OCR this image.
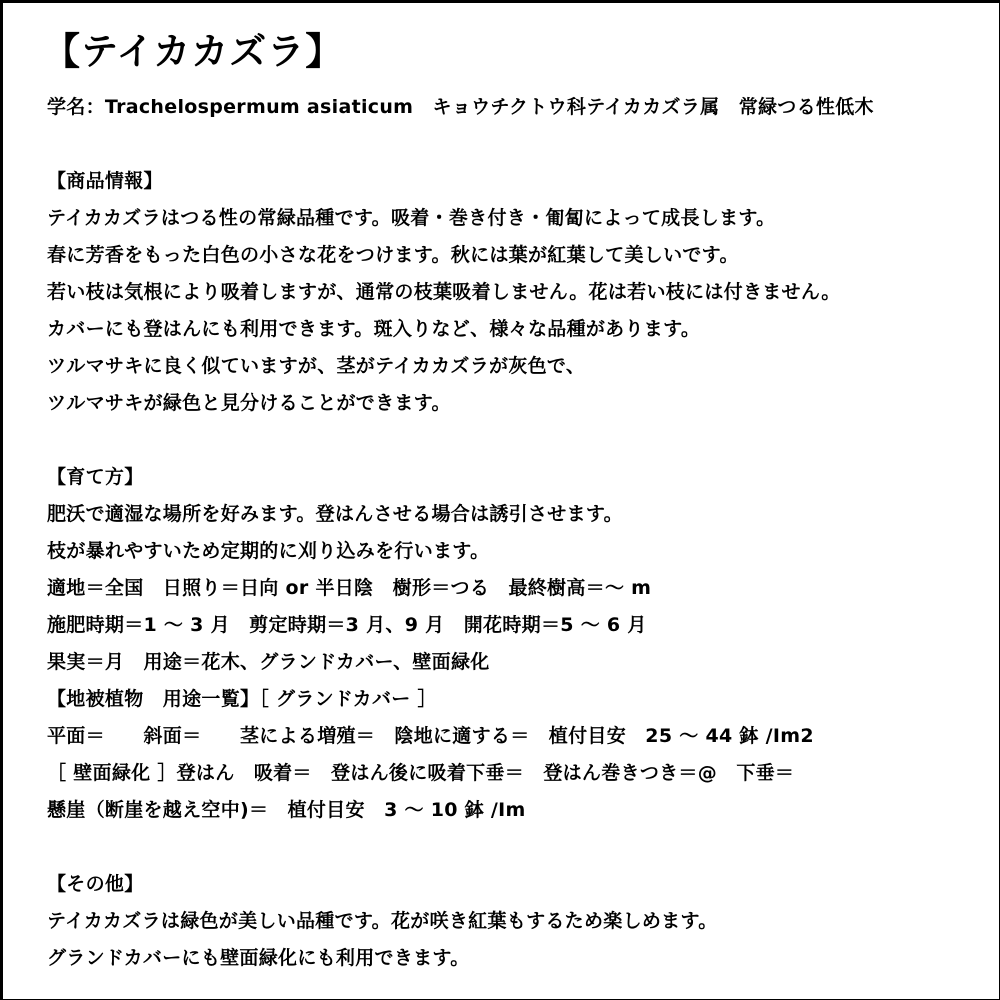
【テイカカズラ】
学名：Trachelospermum asiaticum　キョウチクトウ科テイカカズラ属　常緑つる性低木
【商品情報】
テイカカズラはつる性の常緑品種です。吸着・巻き付き・匍匐によって成長します。
春に芳香をもった白色の小さな花をつけます。秋には葉が紅葉して美しいです。
若い枝は気根により吸着しますが、通常の枝葉吸着しません。花は若い枝には付きません。
カバーにも登はんにも利用できます。斑入りなど、様々な品種があります。
ツルマサキに良く似ていますが、茎がテイカカズラが灰色で、
ツルマサキが緑色と見分けることができます。
【育て方】
肥沃で適湿な場所を好みます。登はんさせる場合は誘引させます。
枝が暴れやすいため定期的に刈り込みを行います。
適地＝全国　日照り＝日向 or 半日陰　樹形＝つる　最終樹高＝～ m
施肥時期＝1 ～ 3 月　剪定時期＝3 月、9 月　開花時期＝5 ～ 6 月
果実＝月　用途＝花木、グランドカバー、壁面緑化
【地被植物　用途一覧】［ グランドカバー ］
平面＝　　斜面＝　　茎による増殖＝　陰地に適する＝　植付目安　25 ～ 44 鉢 /Im2
［ 壁面緑化 ］登はん　吸着＝　登はん後に吸着下垂＝　登はん巻きつき＝@　下垂＝
懸崖（断崖を越え空中)＝　植付目安　3 ～ 10 鉢 /Im
【その他】
テイカカズラは緑色が美しい品種です。花が咲き紅葉もするため楽しめます。
グランドカバーにも壁面緑化にも利用できます。
